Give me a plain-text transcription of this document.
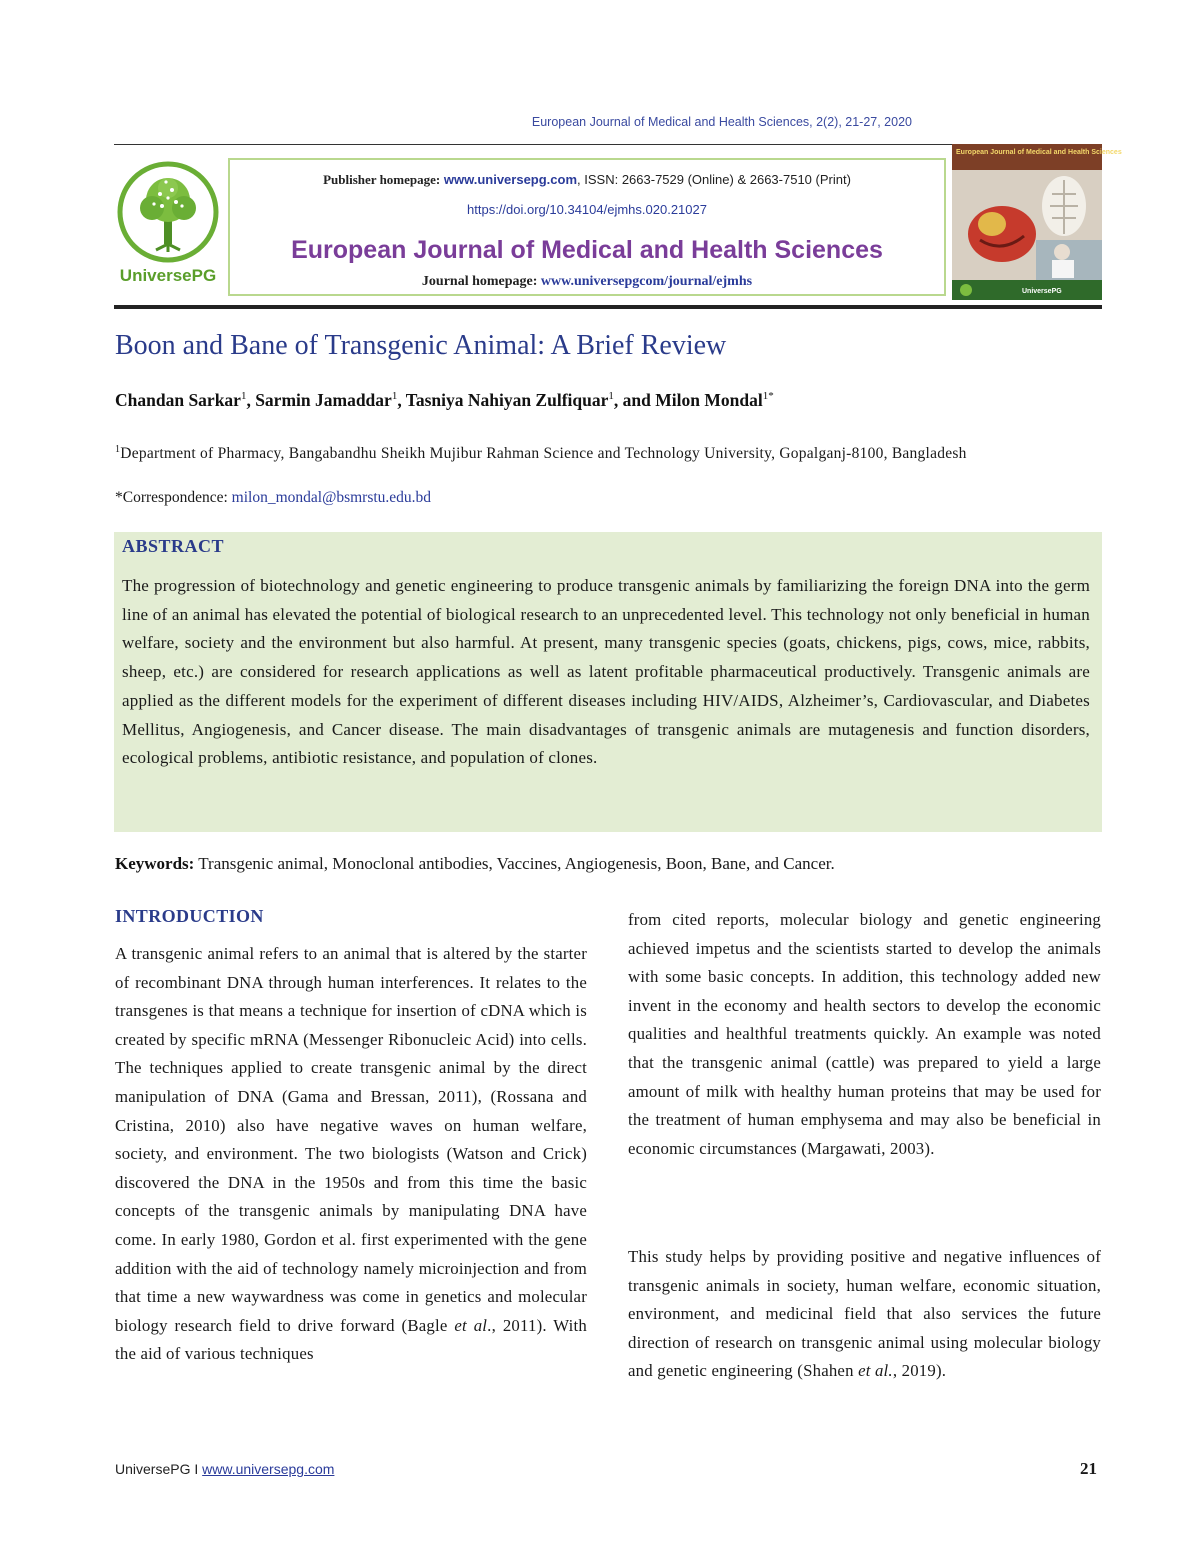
European Journal of Medical and Health Sciences, 2(2), 21-27, 2020
UniversePG
Publisher homepage: www.universepg.com, ISSN: 2663-7529 (Online) & 2663-7510 (Print)
https://doi.org/10.34104/ejmhs.020.21027
European Journal of Medical and Health Sciences
Journal homepage: www.universepgcom/journal/ejmhs
European Journal of Medical and Health Sciences
UniversePG
Boon and Bane of Transgenic Animal: A Brief Review
Chandan Sarkar$^1$, Sarmin Jamaddar$^1$, Tasniya Nahiyan Zulfiquar$^1$, and Milon Mondal$^{1*}$
$^1$Department of Pharmacy, Bangabandhu Sheikh Mujibur Rahman Science and Technology University, Gopalganj-8100, Bangladesh
*Correspondence: milon_mondal@bsmrstu.edu.bd
ABSTRACT
The progression of biotechnology and genetic engineering to produce transgenic animals by familiarizing the foreign DNA into the germ line of an animal has elevated the potential of biological research to an unprecedented level. This technology not only beneficial in human welfare, society and the environment but also harmful. At present, many transgenic species (goats, chickens, pigs, cows, mice, rabbits, sheep, etc.) are considered for research applications as well as latent profitable pharmaceutical productively. Transgenic animals are applied as the different models for the experiment of different diseases including HIV/AIDS, Alzheimer’s, Cardiovascular, and Diabetes Mellitus, Angiogenesis, and Cancer disease. The main disadvantages of transgenic animals are mutagenesis and function disorders, ecological problems, antibiotic resistance, and population of clones.
Keywords: Transgenic animal, Monoclonal antibodies, Vaccines, Angiogenesis, Boon, Bane, and Cancer.
INTRODUCTION
A transgenic animal refers to an animal that is altered by the starter of recombinant DNA through human interferences. It relates to the transgenes is that means a technique for insertion of cDNA which is created by specific mRNA (Messenger Ribonucleic Acid) into cells. The techniques applied to create transgenic animal by the direct manipulation of DNA (Gama and Bressan, 2011), (Rossana and Cristina, 2010) also have negative waves on human welfare, society, and environment. The two biologists (Watson and Crick) discovered the DNA in the 1950s and from this time the basic concepts of the transgenic animals by manipulating DNA have come. In early 1980, Gordon et al. first experimented with the gene addition with the aid of technology namely microinjection and from that time a new waywardness was come in genetics and molecular biology research field to drive forward (Bagle et al., 2011). With the aid of various techniques
from cited reports, molecular biology and genetic engineering achieved impetus and the scientists started to develop the animals with some basic concepts. In addition, this technology added new invent in the economy and health sectors to develop the economic qualities and healthful treatments quickly. An example was noted that the transgenic animal (cattle) was prepared to yield a large amount of milk with healthy human proteins that may be used for the treatment of human emphysema and may also be beneficial in economic circumstances (Margawati, 2003).
This study helps by providing positive and negative influences of transgenic animals in society, human welfare, economic situation, environment, and medicinal field that also services the future direction of research on transgenic animal using molecular biology and genetic engineering (Shahen et al., 2019).
UniversePG I www.universepg.com	21
